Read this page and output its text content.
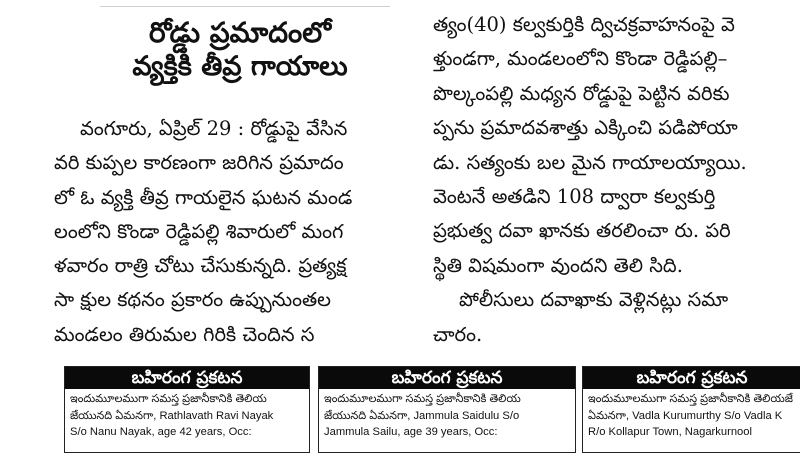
రోడ్డు ప్రమాదంలో
వ్యక్తికి తీవ్ర గాయాలు
వంగూరు, ఏప్రిల్ 29 : రోడ్డుపై వేసిన
వరి కుప్పల కారణంగా జరిగిన ప్రమాదం
లో ఓ వ్యక్తి తీవ్ర గాయలైన ఘటన మండ
లంలోని కొండా రెడ్డిపల్లి శివారులో మంగ
ళవారం రాత్రి చోటు చేసుకున్నది. ప్రత్యక్ష
సా క్షుల కథనం ప్రకారం ఉప్పునుంతల
మండలం తిరుమల గిరికి చెందిన స
త్యం(40) కల్వకుర్తికి ద్విచక్రవాహనంపై వె
ళ్తుండగా, మండలంలోని కొండా రెడ్డిపల్లి–
పొల్కంపల్లి మధ్యన రోడ్డుపై పెట్టిన వరికు
ప్పను ప్రమాదవశాత్తు ఎక్కించి పడిపోయా
డు. సత్యంకు బల మైన గాయాలయ్యాయి.
వెంటనే అతడిని 108 ద్వారా కల్వకుర్తి
ప్రభుత్వ దవా ఖానకు తరలించా రు. పరి
స్థితి విషమంగా వుందని తెలి సిది.
పోలీసులు దవాఖాకు వెళ్లినట్లు సమా
చారం.
బహిరంగ ప్రకటన
ఇందుమూలముగా సమస్త ప్రజానీకానికి తెలియ
జేయునది ఏమనగా, Rathlavath Ravi Nayak
S/o Nanu Nayak, age 42 years, Occ:
బహిరంగ ప్రకటన
ఇందుమూలముగా సమస్త ప్రజానీకానికి తెలియ
జేయునది ఏమనగా, Jammula Saidulu S/o
Jammula Sailu, age 39 years, Occ:
బహిరంగ ప్రకటన
ఇందుమూలముగా సమస్త ప్రజానీకానికి తెలియజే
ఏమనగా, Vadla Kurumurthy S/o Vadla K
R/o Kollapur Town, Nagarkurnool
